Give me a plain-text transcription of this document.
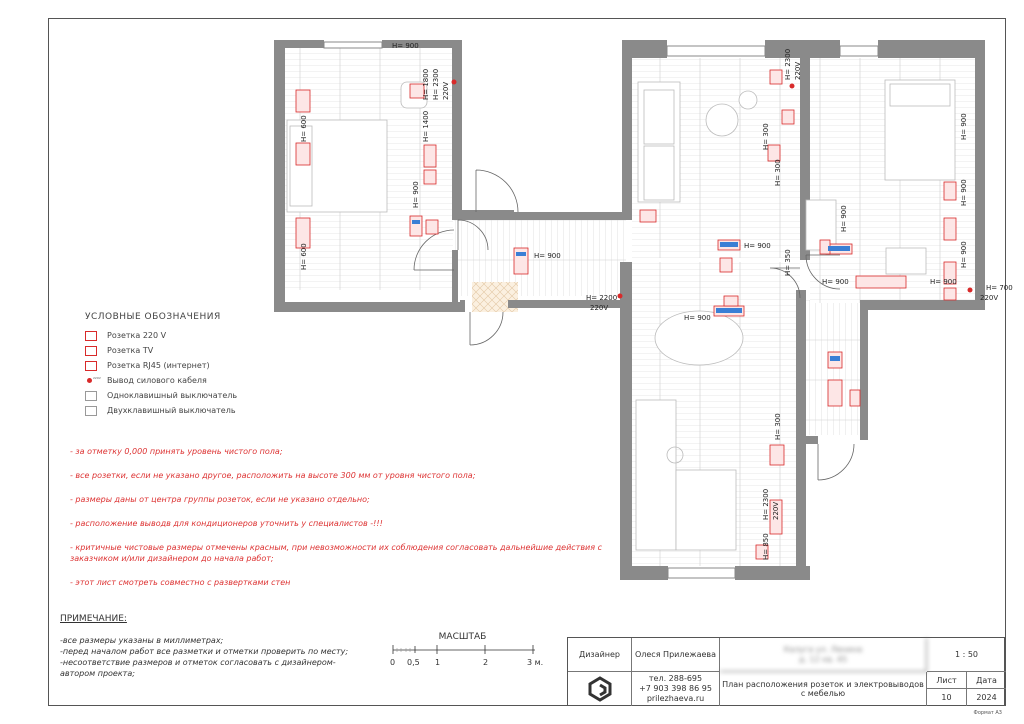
H= 900
H= 1800 H= 2300 220V
H= 1400
H= 600
H= 900
H= 600	H= 900
H= 2200
220V
H= 900
H= 300
H= 300
H= 2300 220V
H= 350
H= 900
H= 900
H= 900
H= 900
H= 900
H= 900
H= 700
220V
H= 900
H= 300
H= 2300 220V
H= 850
УСЛОВНЫЕ ОБОЗНАЧЕНИЯ
Розетка 220 V
Розетка TV
Розетка RJ45 (интернет)
220V Вывод силового кабеля
Одноклавишный выключатель
Двухклавишный выключатель
- за отметку 0,000 принять уровень чистого пола;
- все розетки, если не указано другое, расположить на высоте 300 мм от уровня чистого пола;
- размеры даны от центра группы розеток, если не указано отдельно;
- расположение выводв для кондиционеров уточнить у специалистов -!!!
- критичные чистовые размеры отмечены красным, при невозможности их соблюдения согласовать дальнейшие действия с заказчиком и/или дизайнером до начала работ;
- этот лист смотреть совместно с развертками стен
ПРИМЕЧАНИЕ:
-все размеры указаны в миллиметрах;
-перед началом работ все разметки и отметки проверить по месту;
-несоответствие размеров и отметок согласовать с дизайнером-автором проекта;
МАСШТАБ
0 0,5 1	2	3 м.
Дизайнер	Олеся Прилежаева
тел. 288-695
+7 903 398 86 95
prilezhaeva.ru
Калуга ул. Ленина
д. 12 кв. 45
План расположения розеток и электровыводов с мебелью
1 : 50
Лист	Дата
10	2024
Формат А3
